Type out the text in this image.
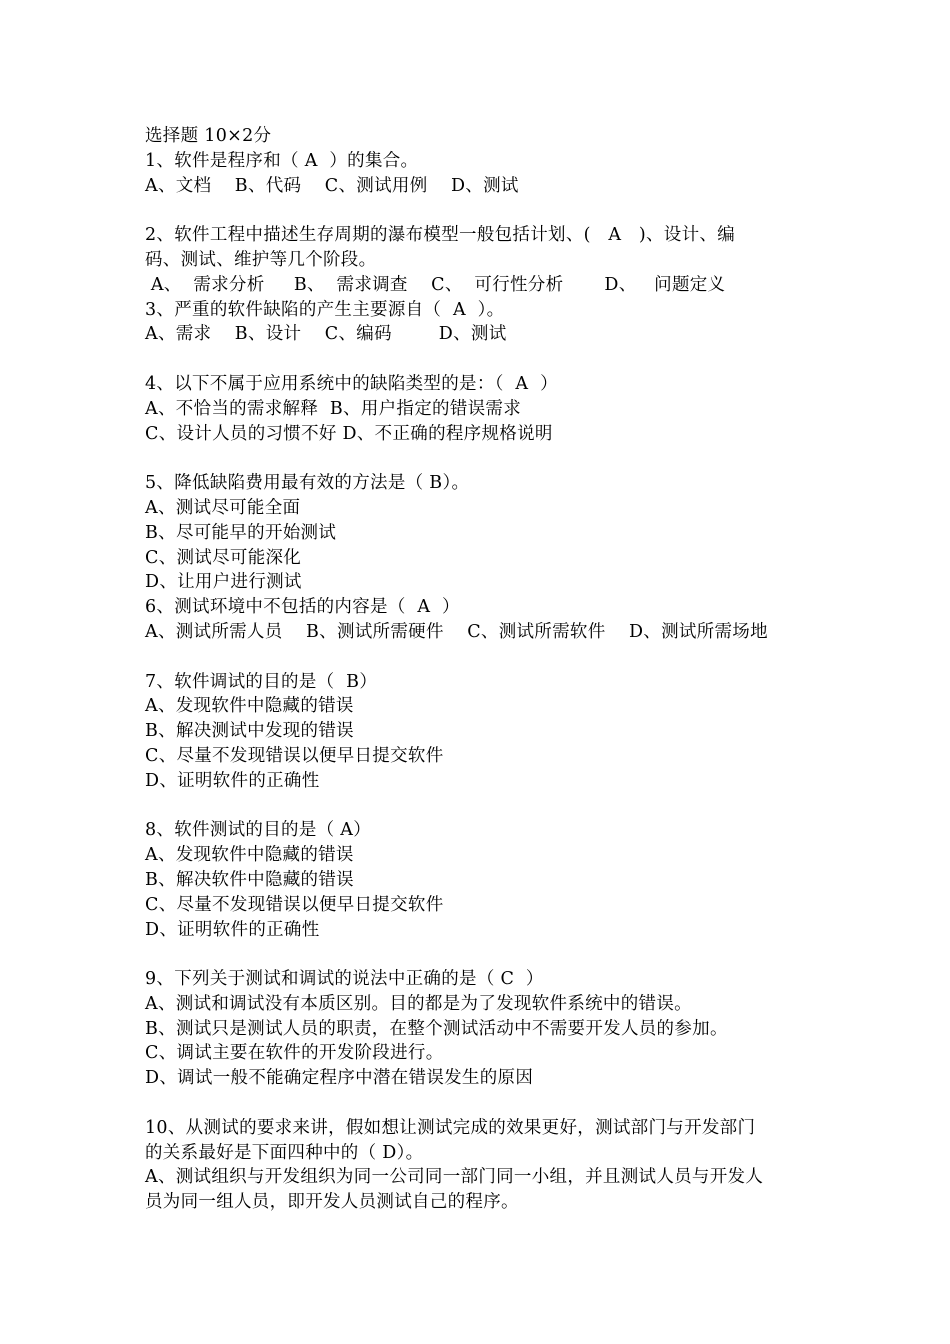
选择题 10×2分
1、软件是程序和（ A  ）的集合。
A、文档    B、代码    C、测试用例    D、测试
2、软件工程中描述生存周期的瀑布模型一般包括计划、(   A   )、设计、编
码、测试、维护等几个阶段。
A、  需求分析     B、  需求调查    C、  可行性分析       D、   问题定义
3、严重的软件缺陷的产生主要源自（  A  ）。
A、需求    B、设计    C、编码        D、测试
4、以下不属于应用系统中的缺陷类型的是：（  A  ）
A、不恰当的需求解释  B、用户指定的错误需求
C、设计人员的习惯不好 D、不正确的程序规格说明
5、降低缺陷费用最有效的方法是（ B）。
A、测试尽可能全面
B、尽可能早的开始测试
C、测试尽可能深化
D、让用户进行测试
6、测试环境中不包括的内容是（  A  ）
A、测试所需人员    B、测试所需硬件    C、测试所需软件    D、测试所需场地
7、软件调试的目的是（  B）
A、发现软件中隐藏的错误
B、解决测试中发现的错误
C、尽量不发现错误以便早日提交软件
D、证明软件的正确性
8、软件测试的目的是（ A）
A、发现软件中隐藏的错误
B、解决软件中隐藏的错误
C、尽量不发现错误以便早日提交软件
D、证明软件的正确性
9、下列关于测试和调试的说法中正确的是（ C  ）
A、测试和调试没有本质区别。目的都是为了发现软件系统中的错误。
B、测试只是测试人员的职责，在整个测试活动中不需要开发人员的参加。
C、调试主要在软件的开发阶段进行。
D、调试一般不能确定程序中潜在错误发生的原因
10、从测试的要求来讲，假如想让测试完成的效果更好，测试部门与开发部门
的关系最好是下面四种中的（ D）。
A、测试组织与开发组织为同一公司同一部门同一小组，并且测试人员与开发人
员为同一组人员，即开发人员测试自己的程序。
